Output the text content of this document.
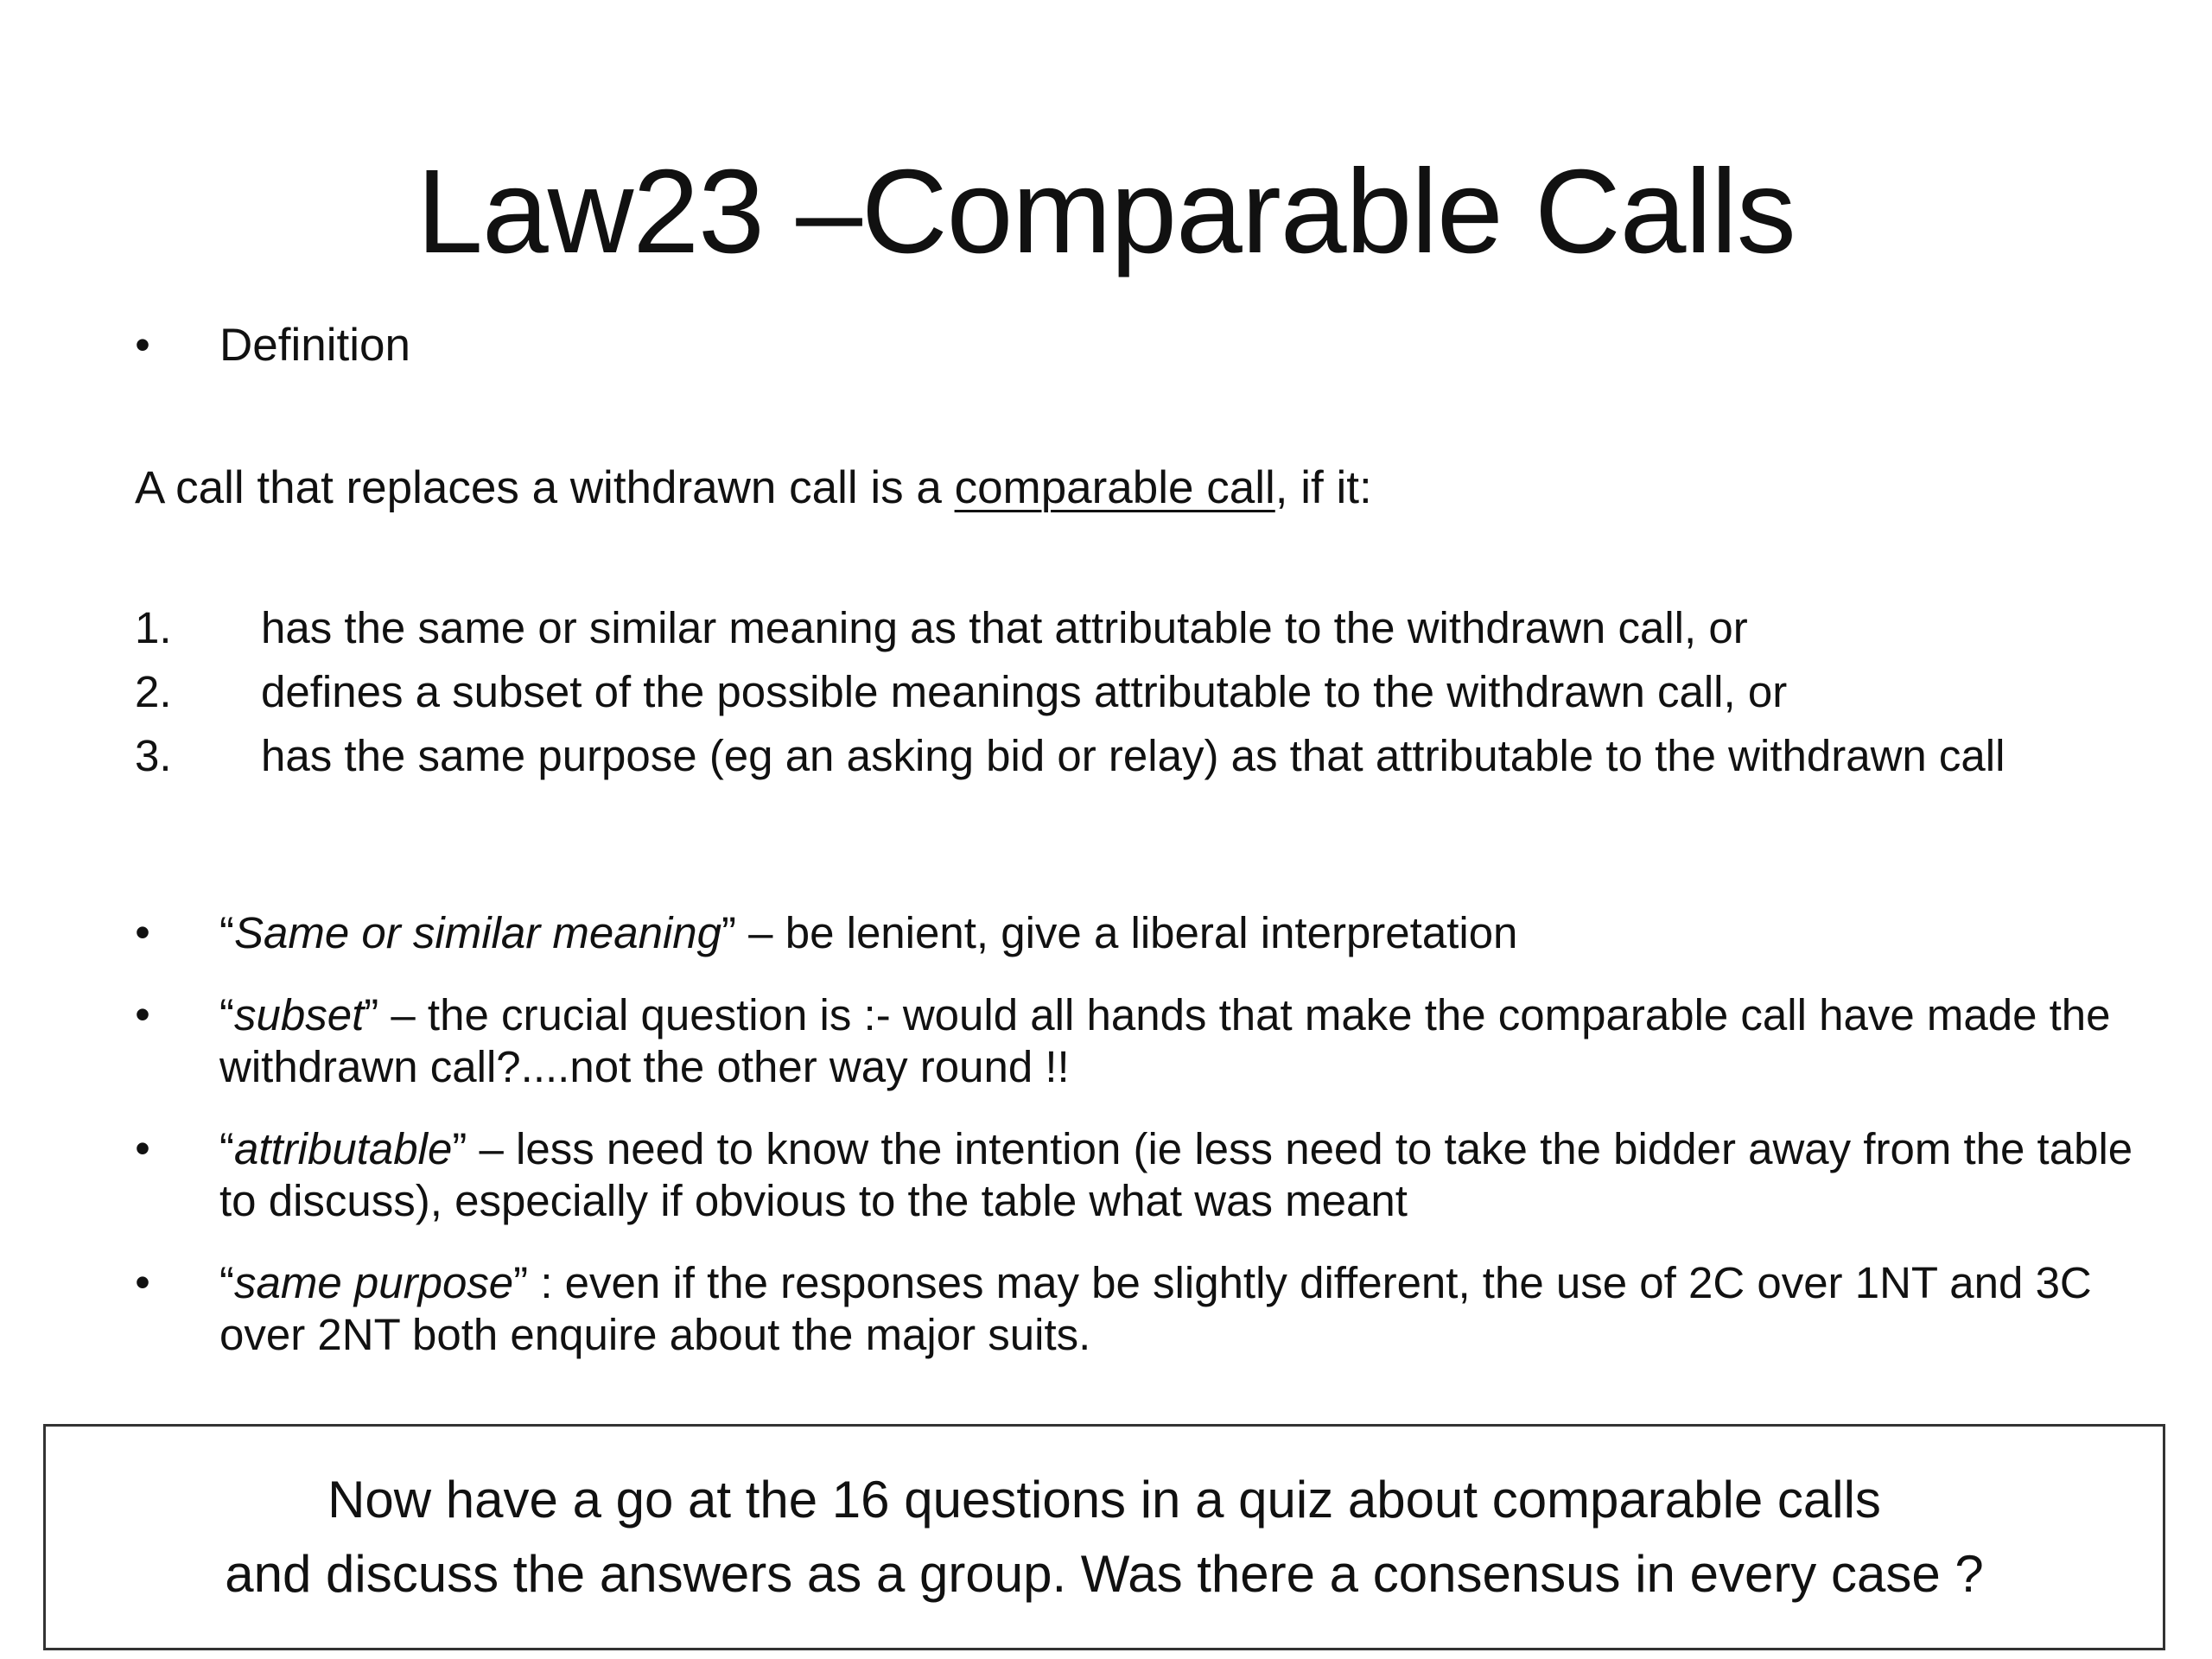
Law23 –Comparable Calls
• Definition
A call that replaces a withdrawn call is a comparable call, if it:
1. has the same or similar meaning as that attributable to the withdrawn call, or
2. defines a subset of the possible meanings attributable to the withdrawn call, or
3. has the same purpose (eg an asking bid or relay) as that attributable to the withdrawn call
• “Same or similar meaning” – be lenient, give a liberal interpretation
• “subset” – the crucial question is :- would all hands that make the comparable call have made the withdrawn call?....not the other way round !!
• “attributable” – less need to know the intention (ie less need to take the bidder away from the table to discuss), especially if obvious to the table what was meant
• “same purpose” : even if the responses may be slightly different, the use of 2C over 1NT and 3C over 2NT both enquire about the major suits.
Now have a go at the 16 questions in a quiz about comparable calls
and discuss the answers as a group. Was there a consensus in every case ?
